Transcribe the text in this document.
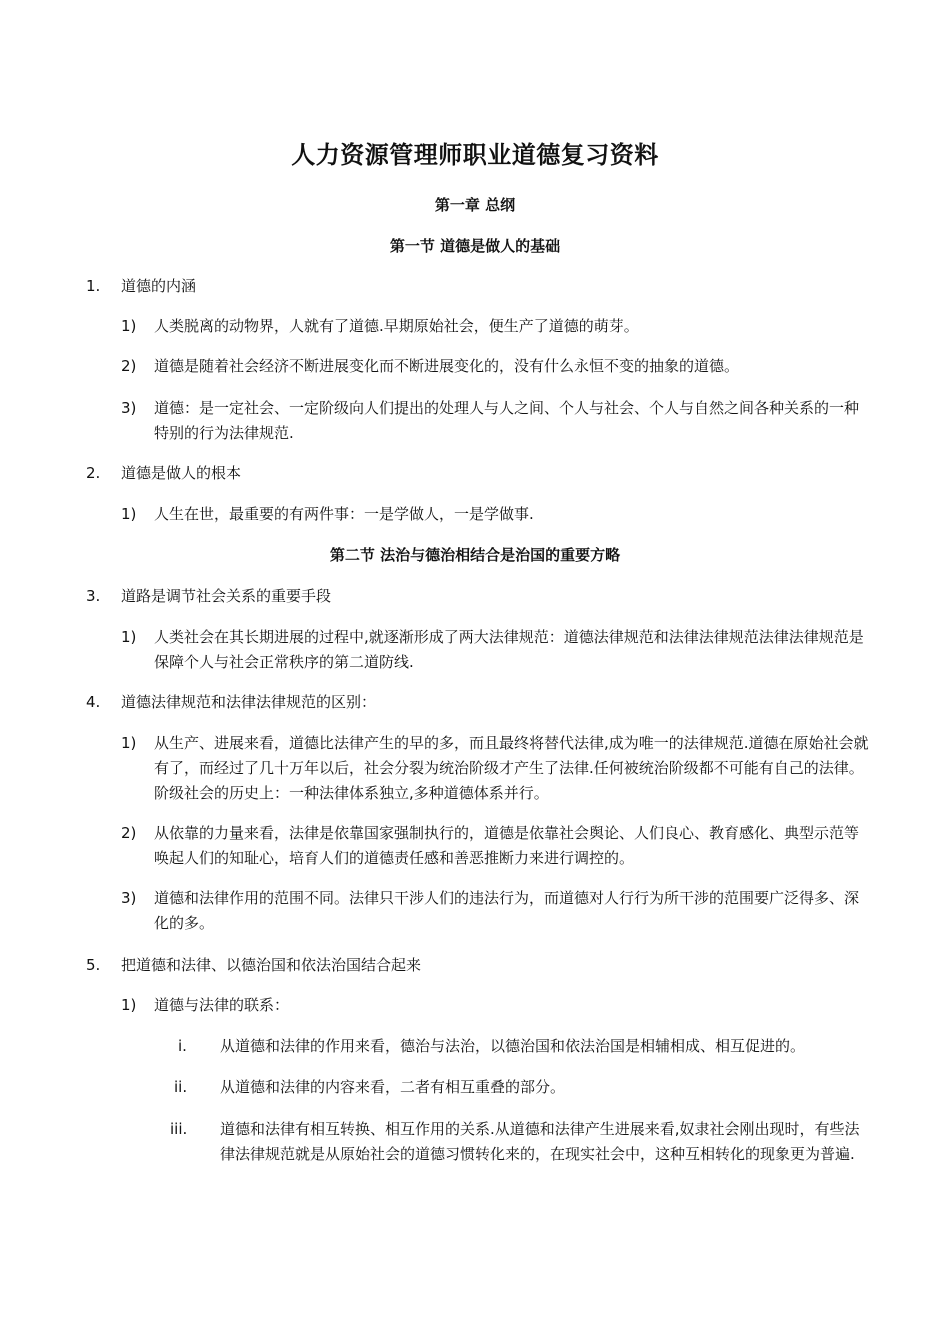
人力资源管理师职业道德复习资料
第一章 总纲
第一节 道德是做人的基础
1. 道德的内涵
1) 人类脱离的动物界，人就有了道德.早期原始社会，便生产了道德的萌芽。
2) 道德是随着社会经济不断进展变化而不断进展变化的，没有什么永恒不变的抽象的道德。
3) 道德：是一定社会、一定阶级向人们提出的处理人与人之间、个人与社会、个人与自然之间各种关系的一种特别的行为法律规范.
2. 道德是做人的根本
1) 人生在世，最重要的有两件事：一是学做人，一是学做事.
第二节 法治与德治相结合是治国的重要方略
3. 道路是调节社会关系的重要手段
1) 人类社会在其长期进展的过程中,就逐渐形成了两大法律规范：道德法律规范和法律法律规范法律法律规范是保障个人与社会正常秩序的第二道防线.
4. 道德法律规范和法律法律规范的区别：
1) 从生产、进展来看，道德比法律产生的早的多，而且最终将替代法律,成为唯一的法律规范.道德在原始社会就有了，而经过了几十万年以后，社会分裂为统治阶级才产生了法律.任何被统治阶级都不可能有自己的法律。阶级社会的历史上：一种法律体系独立,多种道德体系并行。
2) 从依靠的力量来看，法律是依靠国家强制执行的，道德是依靠社会舆论、人们良心、教育感化、典型示范等唤起人们的知耻心，培育人们的道德责任感和善恶推断力来进行调控的。
3) 道德和法律作用的范围不同。法律只干涉人们的违法行为，而道德对人行行为所干涉的范围要广泛得多、深化的多。
5. 把道德和法律、以德治国和依法治国结合起来
1) 道德与法律的联系：
i. 从道德和法律的作用来看，德治与法治，以德治国和依法治国是相辅相成、相互促进的。
ii. 从道德和法律的内容来看，二者有相互重叠的部分。
iii. 道德和法律有相互转换、相互作用的关系.从道德和法律产生进展来看,奴隶社会刚出现时，有些法律法律规范就是从原始社会的道德习惯转化来的，在现实社会中，这种互相转化的现象更为普遍.
